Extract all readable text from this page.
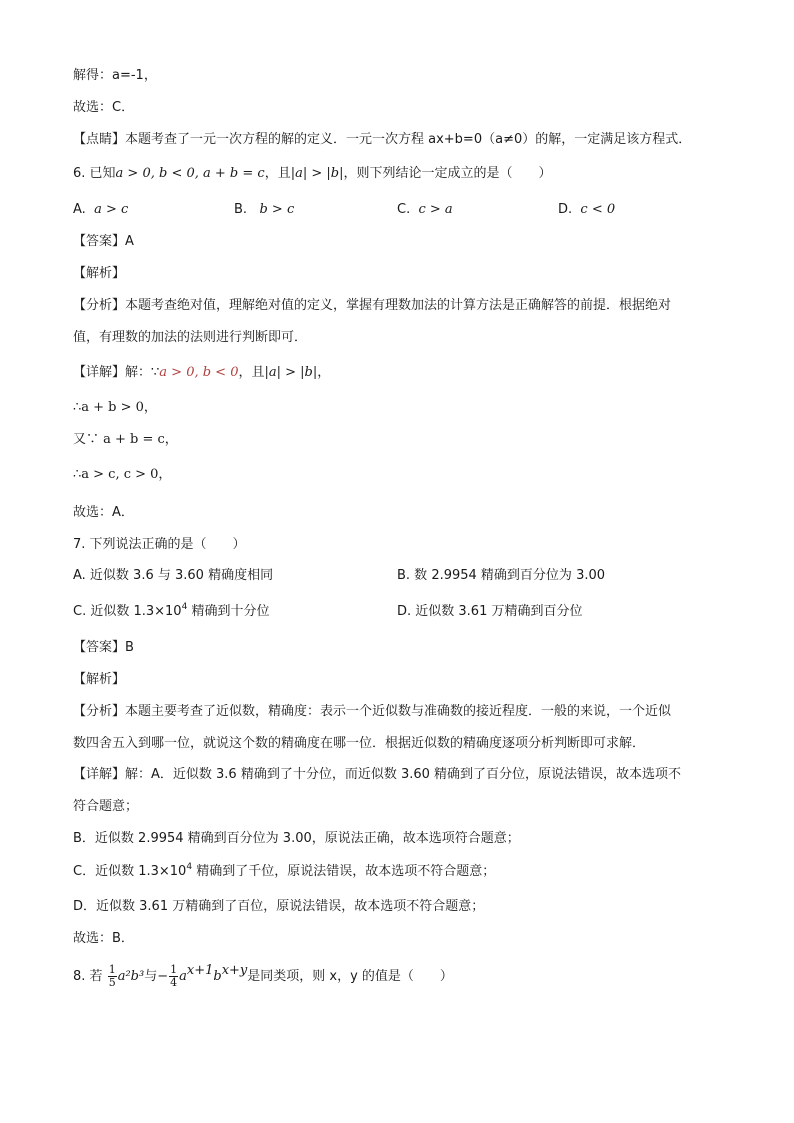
解得：a=-1，
故选：C．
【点睛】本题考查了一元一次方程的解的定义．一元一次方程 ax+b=0（a≠0）的解，一定满足该方程式．
6. 已知a > 0, b < 0, a + b = c，且|a| > |b|，则下列结论一定成立的是（　　）
A. a > c	B. b > c	C. c > a	D. c < 0
【答案】A
【解析】
【分析】本题考查绝对值，理解绝对值的定义，掌握有理数加法的计算方法是正确解答的前提．根据绝对
值，有理数的加法的法则进行判断即可．
【详解】解：∵a > 0, b < 0，且|a| > |b|，
∴a + b > 0，
又∵ a + b = c，
∴a > c, c > 0，
故选：A．
7. 下列说法正确的是（　　）
A. 近似数 3.6 与 3.60 精确度相同	B. 数 2.9954 精确到百分位为 3.00
C. 近似数 $1.3\times 10^4$ 精确到十分位	D. 近似数 3.61 万精确到百分位
【答案】B
【解析】
【分析】本题主要考查了近似数，精确度：表示一个近似数与准确数的接近程度．一般的来说，一个近似
数四舍五入到哪一位，就说这个数的精确度在哪一位．根据近似数的精确度逐项分析判断即可求解．
【详解】解：A．近似数 3.6 精确到了十分位，而近似数 3.60 精确到了百分位，原说法错误，故本选项不
符合题意；
B．近似数 2.9954 精确到百分位为 3.00，原说法正确，故本选项符合题意；
C．近似数 $1.3\times 10^4$ 精确到了千位，原说法错误，故本选项不符合题意；
D．近似数 3.61 万精确到了百位，原说法错误，故本选项不符合题意；
故选：B．
8. 若 $\frac{1}{5} a^2b^3$与− $\frac{1}{4} a^{x+1}b^{x+y}$是同类项，则 x，y 的值是（　　）
